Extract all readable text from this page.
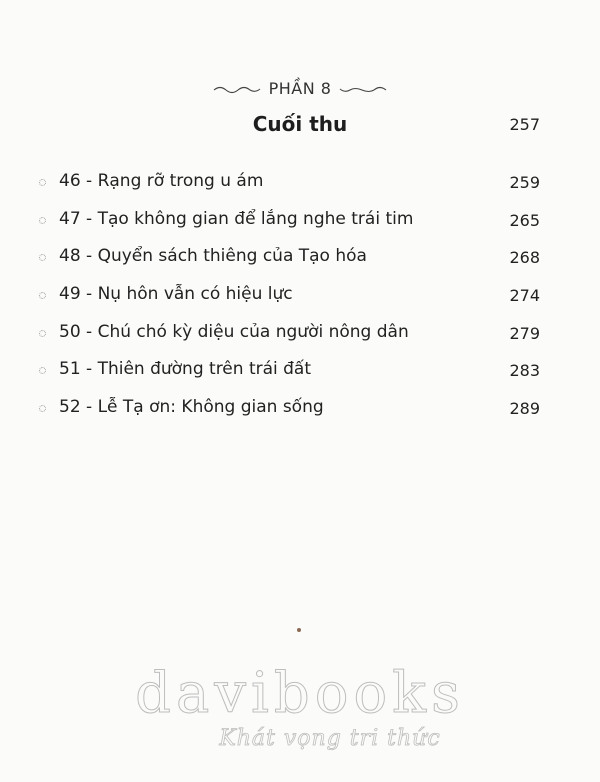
PHẦN 8
Cuối thu	257
46 - Rạng rỡ trong u ám	259
47 - Tạo không gian để lắng nghe trái tim	265
48 - Quyển sách thiêng của Tạo hóa	268
49 - Nụ hôn vẫn có hiệu lực	274
50 - Chú chó kỳ diệu của người nông dân	279
51 - Thiên đường trên trái đất	283
52 - Lễ Tạ ơn: Không gian sống	289
davibooks
Khát vọng tri thức
